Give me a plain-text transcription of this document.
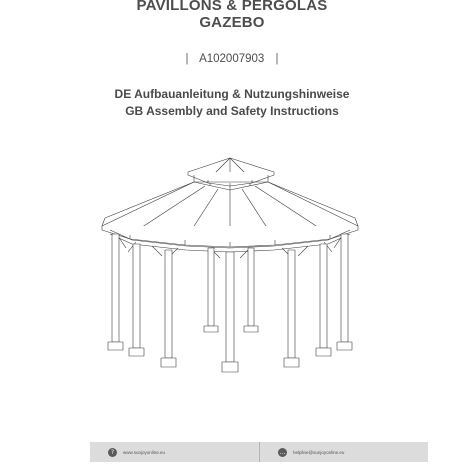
PAVILLONS & PERGOLAS
GAZEBO
| A102007903 |
DE Aufbauanleitung & Nutzungshinweise
GB Assembly and Safety Instructions
?	www.sunjoyonline.eu	…	helpline@sunjoyonline.eu
